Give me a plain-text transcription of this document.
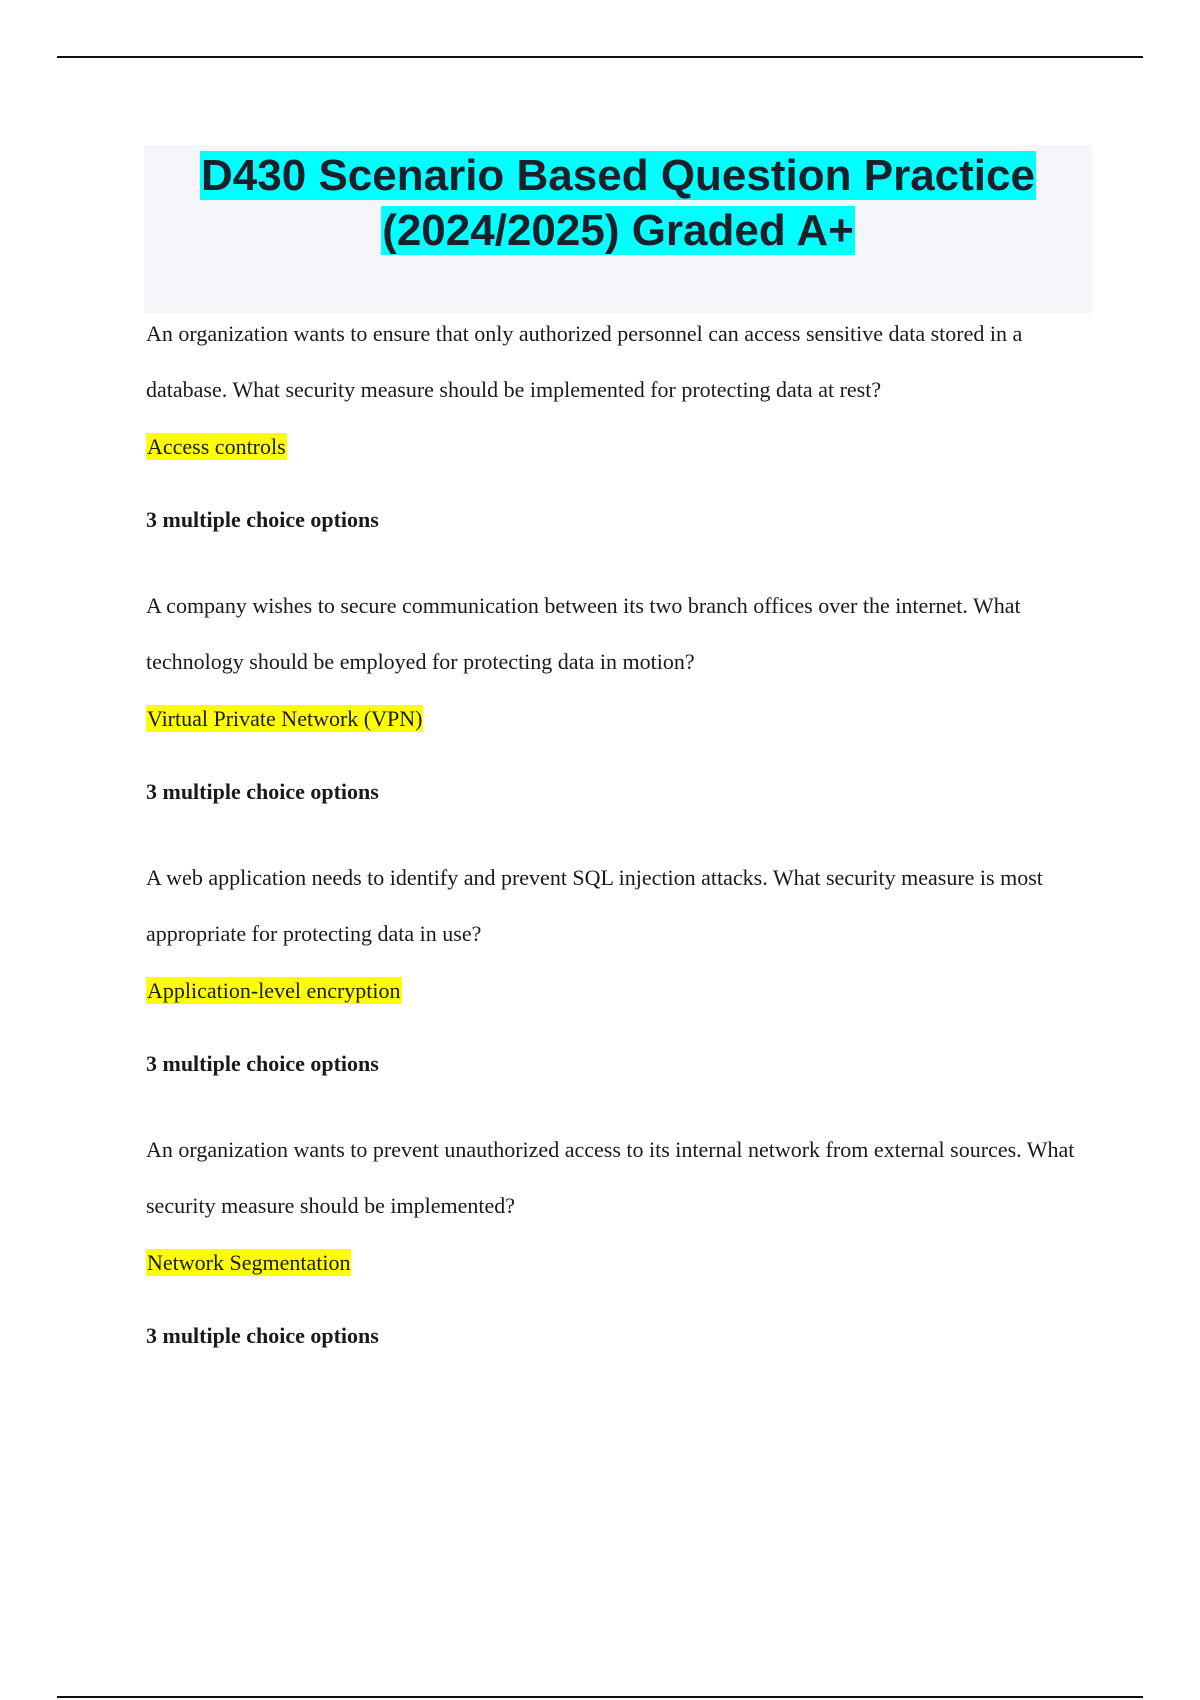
D430 Scenario Based Question Practice
(2024/2025) Graded A+

An organization wants to ensure that only authorized personnel can access sensitive data stored in a database. What security measure should be implemented for protecting data at rest?

Access controls

3 multiple choice options

A company wishes to secure communication between its two branch offices over the internet. What technology should be employed for protecting data in motion?

Virtual Private Network (VPN)

3 multiple choice options

A web application needs to identify and prevent SQL injection attacks. What security measure is most appropriate for protecting data in use?

Application-level encryption

3 multiple choice options

An organization wants to prevent unauthorized access to its internal network from external sources. What security measure should be implemented?

Network Segmentation

3 multiple choice options
